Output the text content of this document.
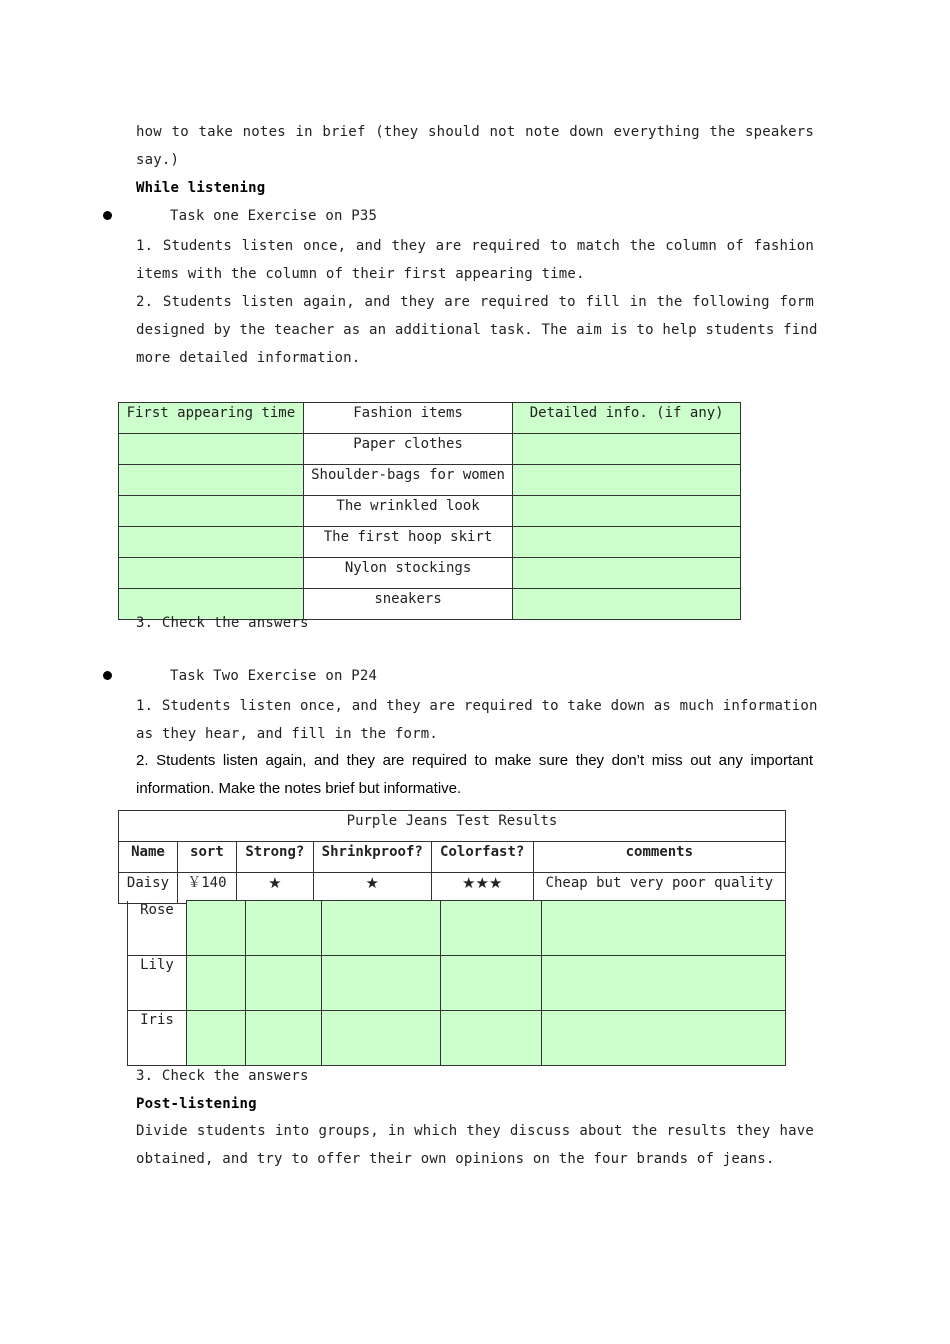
how to take notes in brief (they should not note down everything the speakers
say.)
While listening
Task one Exercise on P35
1. Students listen once, and they are required to match the column of fashion
items with the column of their first appearing time.
2. Students listen again, and they are required to fill in the following form
designed by the teacher as an additional task. The aim is to help students find
more detailed information.
First appearing time	Fashion items	Detailed info. (if any)
	Paper clothes	
	Shoulder-bags for women	
	The wrinkled look	
	The first hoop skirt	
	Nylon stockings	
	sneakers	
3. Check the answers
Task Two Exercise on P24
1. Students listen once, and they are required to take down as much information
as they hear, and fill in the form.
2. Students listen again, and they are required to make sure they don’t miss out any important
information. Make the notes brief but informative.
Purple Jeans Test Results					
Name	sort	Strong?	Shrinkproof?	Colorfast?	comments
Daisy	￥140	★	★	★★★	Cheap but very poor quality
Rose					
Lily					
Iris					
3. Check the answers
Post-listening
Divide students into groups, in which they discuss about the results they have
obtained, and try to offer their own opinions on the four brands of jeans.
